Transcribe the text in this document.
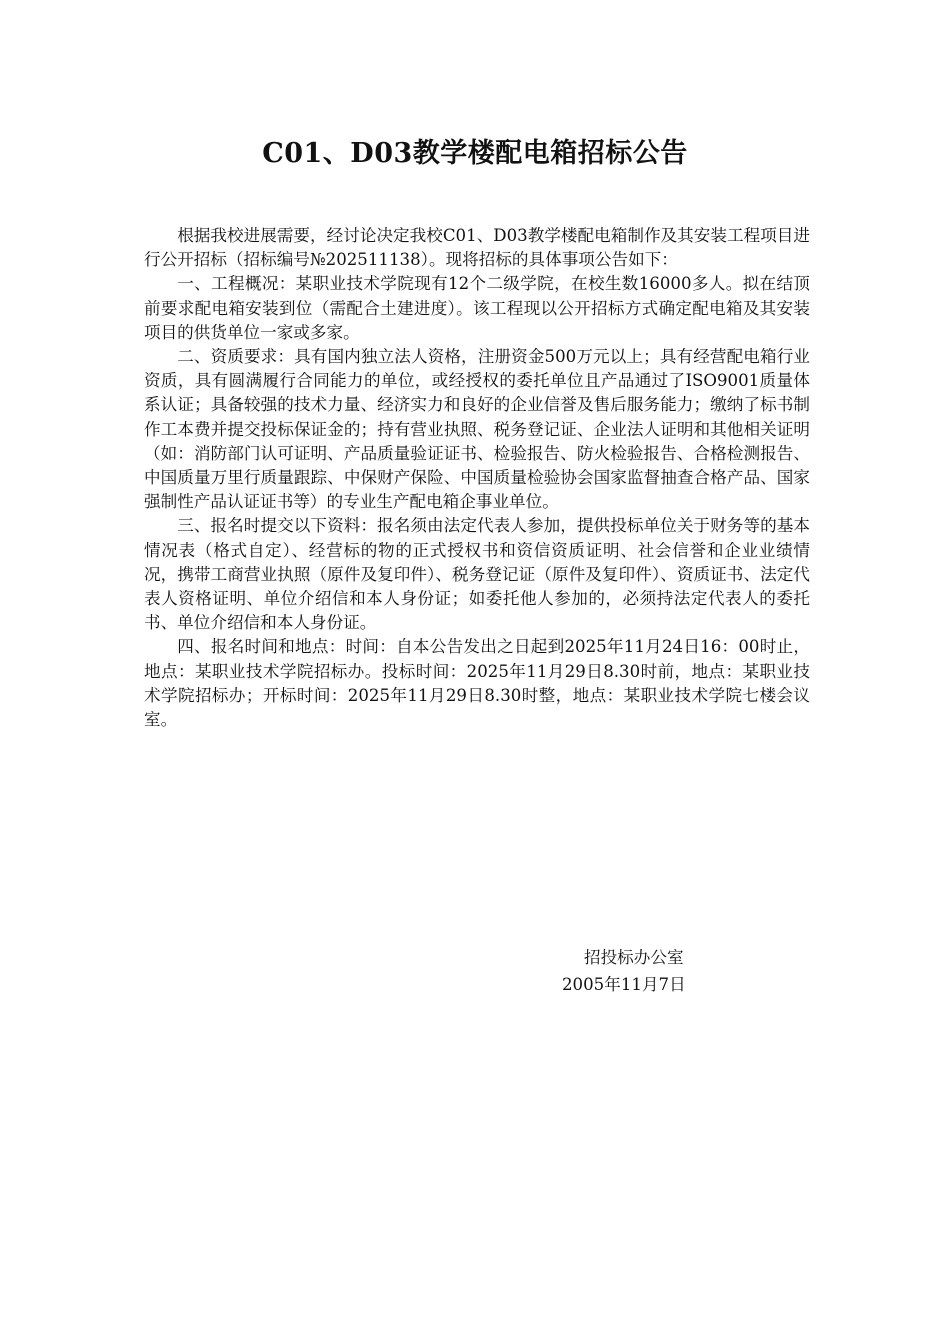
C01、D03教学楼配电箱招标公告

根据我校进展需要，经讨论决定我校C01、D03教学楼配电箱制作及其安装工程项目进行公开招标（招标编号№202511138）。现将招标的具体事项公告如下：

一、工程概况：某职业技术学院现有12个二级学院，在校生数16000多人。拟在结顶前要求配电箱安装到位（需配合土建进度）。该工程现以公开招标方式确定配电箱及其安装项目的供货单位一家或多家。

二、资质要求：具有国内独立法人资格，注册资金500万元以上；具有经营配电箱行业资质，具有圆满履行合同能力的单位，或经授权的委托单位且产品通过了ISO9001质量体系认证；具备较强的技术力量、经济实力和良好的企业信誉及售后服务能力；缴纳了标书制作工本费并提交投标保证金的；持有营业执照、税务登记证、企业法人证明和其他相关证明（如：消防部门认可证明、产品质量验证证书、检验报告、防火检验报告、合格检测报告、中国质量万里行质量跟踪、中保财产保险、中国质量检验协会国家监督抽查合格产品、国家强制性产品认证证书等）的专业生产配电箱企事业单位。

三、报名时提交以下资料：报名须由法定代表人参加，提供投标单位关于财务等的基本情况表（格式自定）、经营标的物的正式授权书和资信资质证明、社会信誉和企业业绩情况，携带工商营业执照（原件及复印件）、税务登记证（原件及复印件）、资质证书、法定代表人资格证明、单位介绍信和本人身份证；如委托他人参加的，必须持法定代表人的委托书、单位介绍信和本人身份证。

四、报名时间和地点：时间：自本公告发出之日起到2025年11月24日16：00时止，地点：某职业技术学院招标办。投标时间：2025年11月29日8.30时前，地点：某职业技术学院招标办；开标时间：2025年11月29日8.30时整，地点：某职业技术学院七楼会议室。

招投标办公室
2005年11月7日
